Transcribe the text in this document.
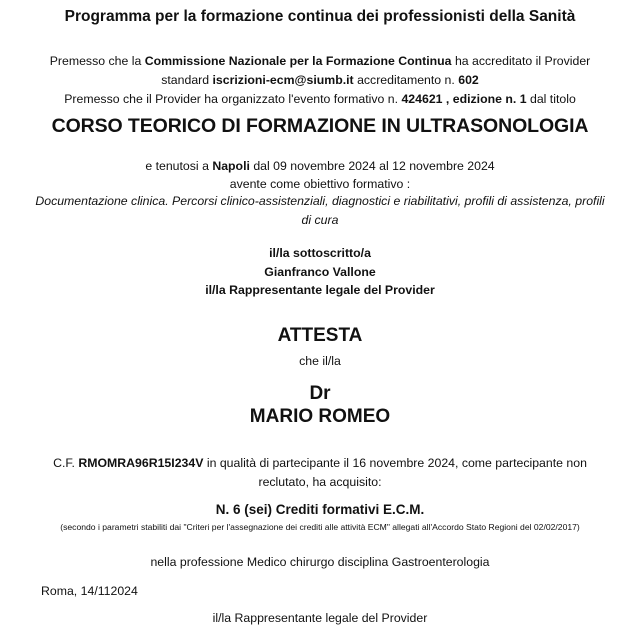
Programma per la formazione continua dei professionisti della Sanità
Premesso che la Commissione Nazionale per la Formazione Continua ha accreditato il Provider
standard iscrizioni-ecm@siumb.it accreditamento n. 602
Premesso che il Provider ha organizzato l'evento formativo n. 424621 , edizione n. 1 dal titolo
CORSO TEORICO DI FORMAZIONE IN ULTRASONOLOGIA
e tenutosi a Napoli dal 09 novembre 2024 al 12 novembre 2024
avente come obiettivo formativo :
Documentazione clinica. Percorsi clinico-assistenziali, diagnostici e riabilitativi, profili di assistenza, profili di cura
il/la sottoscritto/a
Gianfranco Vallone
il/la Rappresentante legale del Provider
ATTESTA
che il/la
Dr
MARIO ROMEO
C.F. RMOMRA96R15I234V in qualità di partecipante il 16 novembre 2024, come partecipante non reclutato, ha acquisito:
N. 6 (sei) Crediti formativi E.C.M.
(secondo i parametri stabiliti dai "Criteri per l'assegnazione dei crediti alle attività ECM" allegati all'Accordo Stato Regioni del 02/02/2017)
nella professione Medico chirurgo disciplina Gastroenterologia
Roma, 14/112024
il/la Rappresentante legale del Provider
